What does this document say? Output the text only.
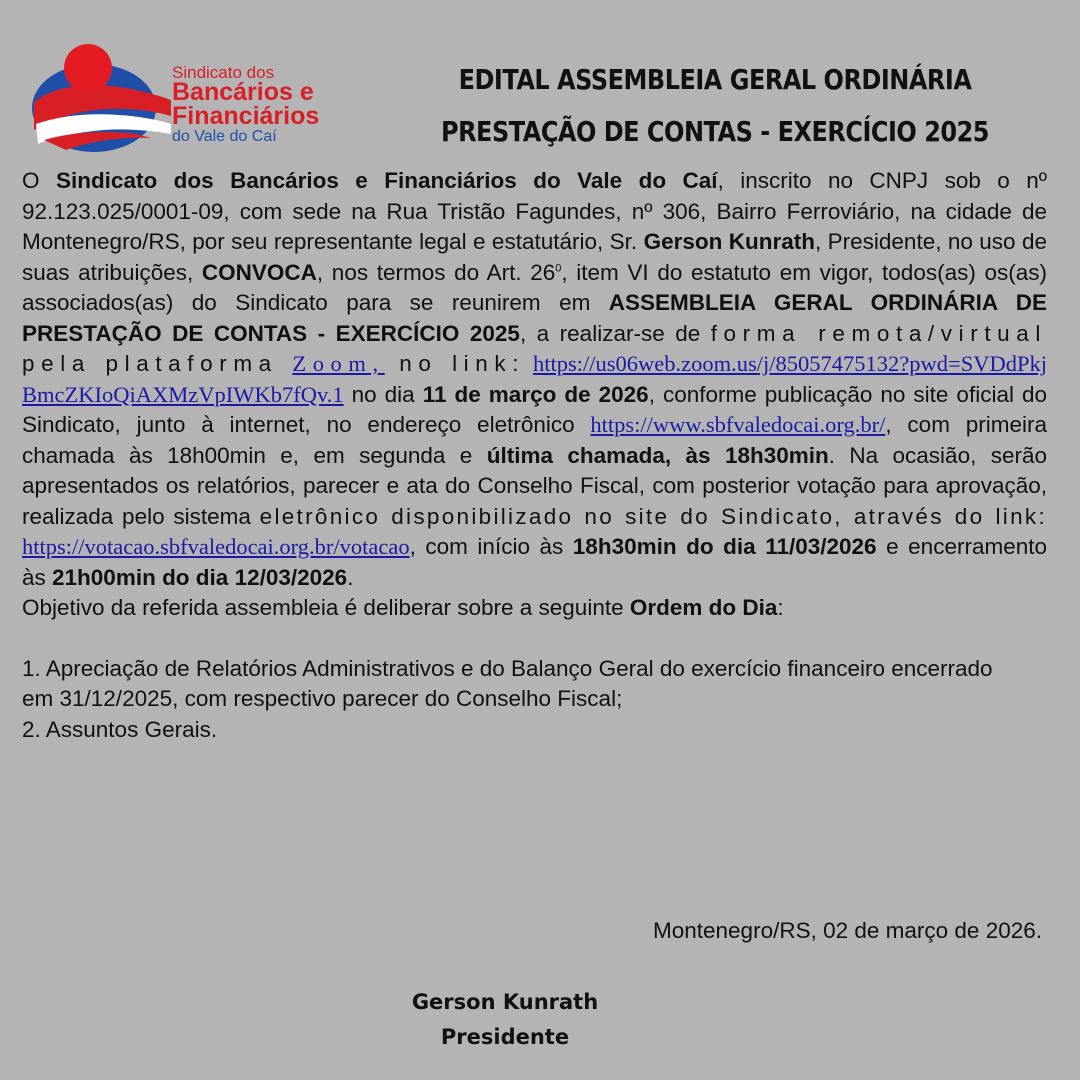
Sindicato dos
Bancários e
Financiários
do Vale do Caí
EDITAL ASSEMBLEIA GERAL ORDINÁRIA
PRESTAÇÃO DE CONTAS - EXERCÍCIO 2025

O Sindicato dos Bancários e Financiários do Vale do Caí, inscrito no CNPJ sob o nº 92.123.025/0001-09, com sede na Rua Tristão Fagundes, nº 306, Bairro Ferroviário, na cidade de Montenegro/RS, por seu representante legal e estatutário, Sr. Gerson Kunrath, Presidente, no uso de suas atribuições, CONVOCA, nos termos do Art. $26^0$, item VI do estatuto em vigor, todos(as) os(as) associados(as) do Sindicato para se reunirem em ASSEMBLEIA GERAL ORDINÁRIA DE PRESTAÇÃO DE CONTAS - EXERCÍCIO 2025, a realizar-se de forma remota/virtual pela plataforma Zoom, no link: https://us06web.zoom.us/j/85057475132?pwd=SVDdPkjBmcZKIoQiAXMzVpIWKb7fQv.1 no dia 11 de março de 2026, conforme publicação no site oficial do Sindicato, junto à internet, no endereço eletrônico https://www.sbfvaledocai.org.br/, com primeira chamada às 18h00min e, em segunda e última chamada, às 18h30min. Na ocasião, serão apresentados os relatórios, parecer e ata do Conselho Fiscal, com posterior votação para aprovação, realizada pelo sistema eletrônico disponibilizado no site do Sindicato, através do link: https://votacao.sbfvaledocai.org.br/votacao, com início às 18h30min do dia 11/03/2026 e encerramento às 21h00min do dia 12/03/2026.

Objetivo da referida assembleia é deliberar sobre a seguinte Ordem do Dia:

1. Apreciação de Relatórios Administrativos e do Balanço Geral do exercício financeiro encerrado em 31/12/2025, com respectivo parecer do Conselho Fiscal;
2. Assuntos Gerais.
Montenegro/RS, 02 de março de 2026.
Gerson Kunrath
Presidente
